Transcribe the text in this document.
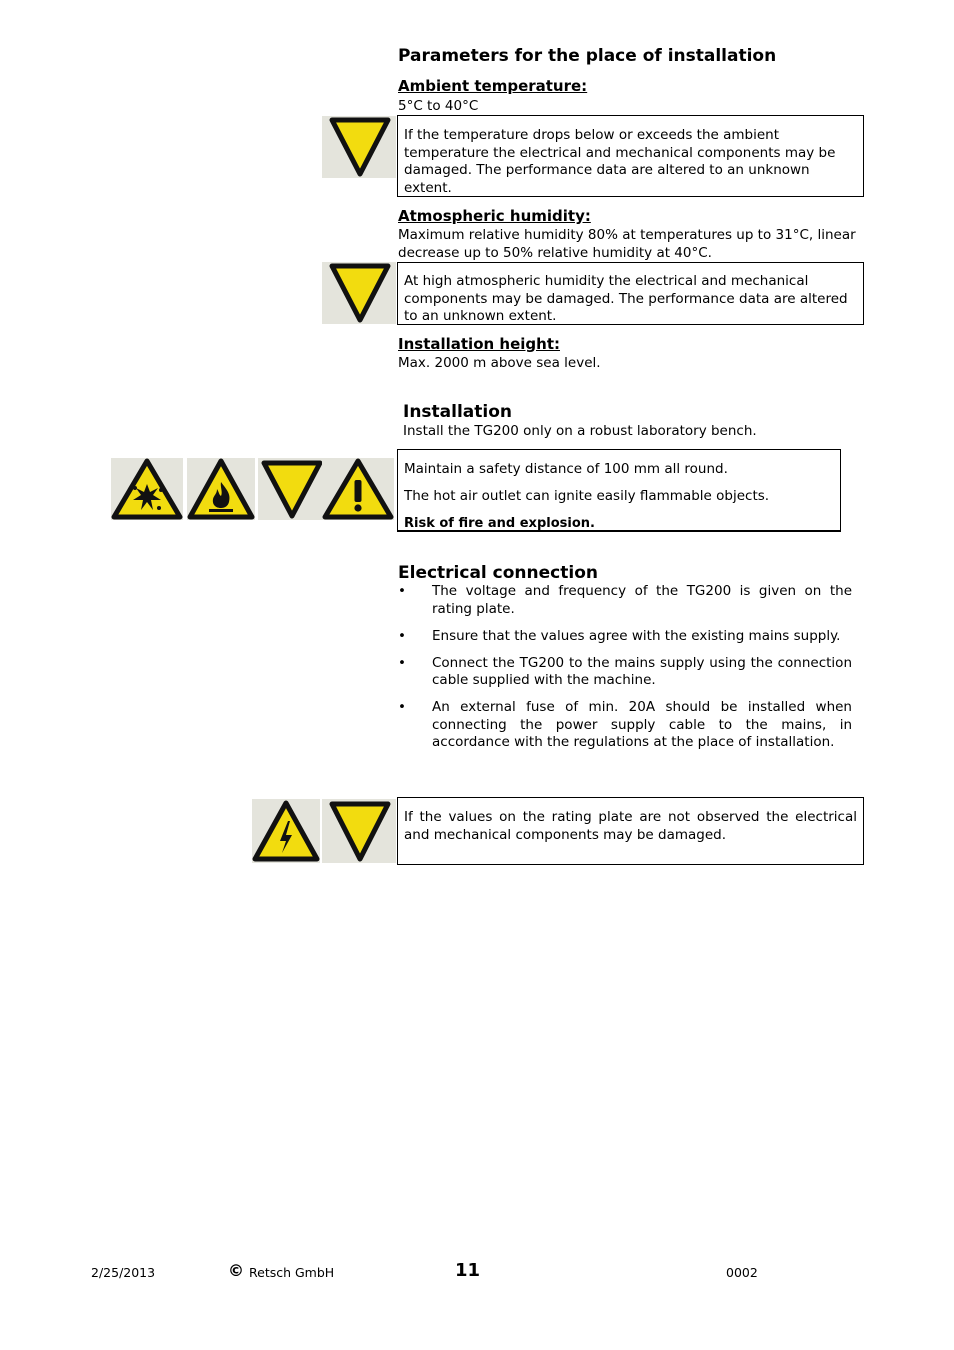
Parameters for the place of installation
Ambient temperature:
5°C to 40°C

If the temperature drops below or exceeds the ambient temperature the electrical and mechanical components may be damaged. The performance data are altered to an unknown extent.

Atmospheric humidity:
Maximum relative humidity 80% at temperatures up to 31°C, linear decrease up to 50% relative humidity at 40°C.

At high atmospheric humidity the electrical and mechanical components may be damaged. The performance data are altered to an unknown extent.

Installation height:
Max. 2000 m above sea level.
Installation
Install the TG200 only on a robust laboratory bench.

Maintain a safety distance of 100 mm all round.

The hot air outlet can ignite easily flammable objects.

Risk of fire and explosion.

Electrical connection
• The voltage and frequency of the TG200 is given on the rating plate.
• Ensure that the values agree with the existing mains supply.
• Connect the TG200 to the mains supply using the connection cable supplied with the machine.
• An external fuse of min. 20A should be installed when connecting the power supply cable to the mains, in accordance with the regulations at the place of installation.

If the values on the rating plate are not observed the electrical and mechanical components may be damaged.

2/25/2013	© Retsch GmbH	11	0002
